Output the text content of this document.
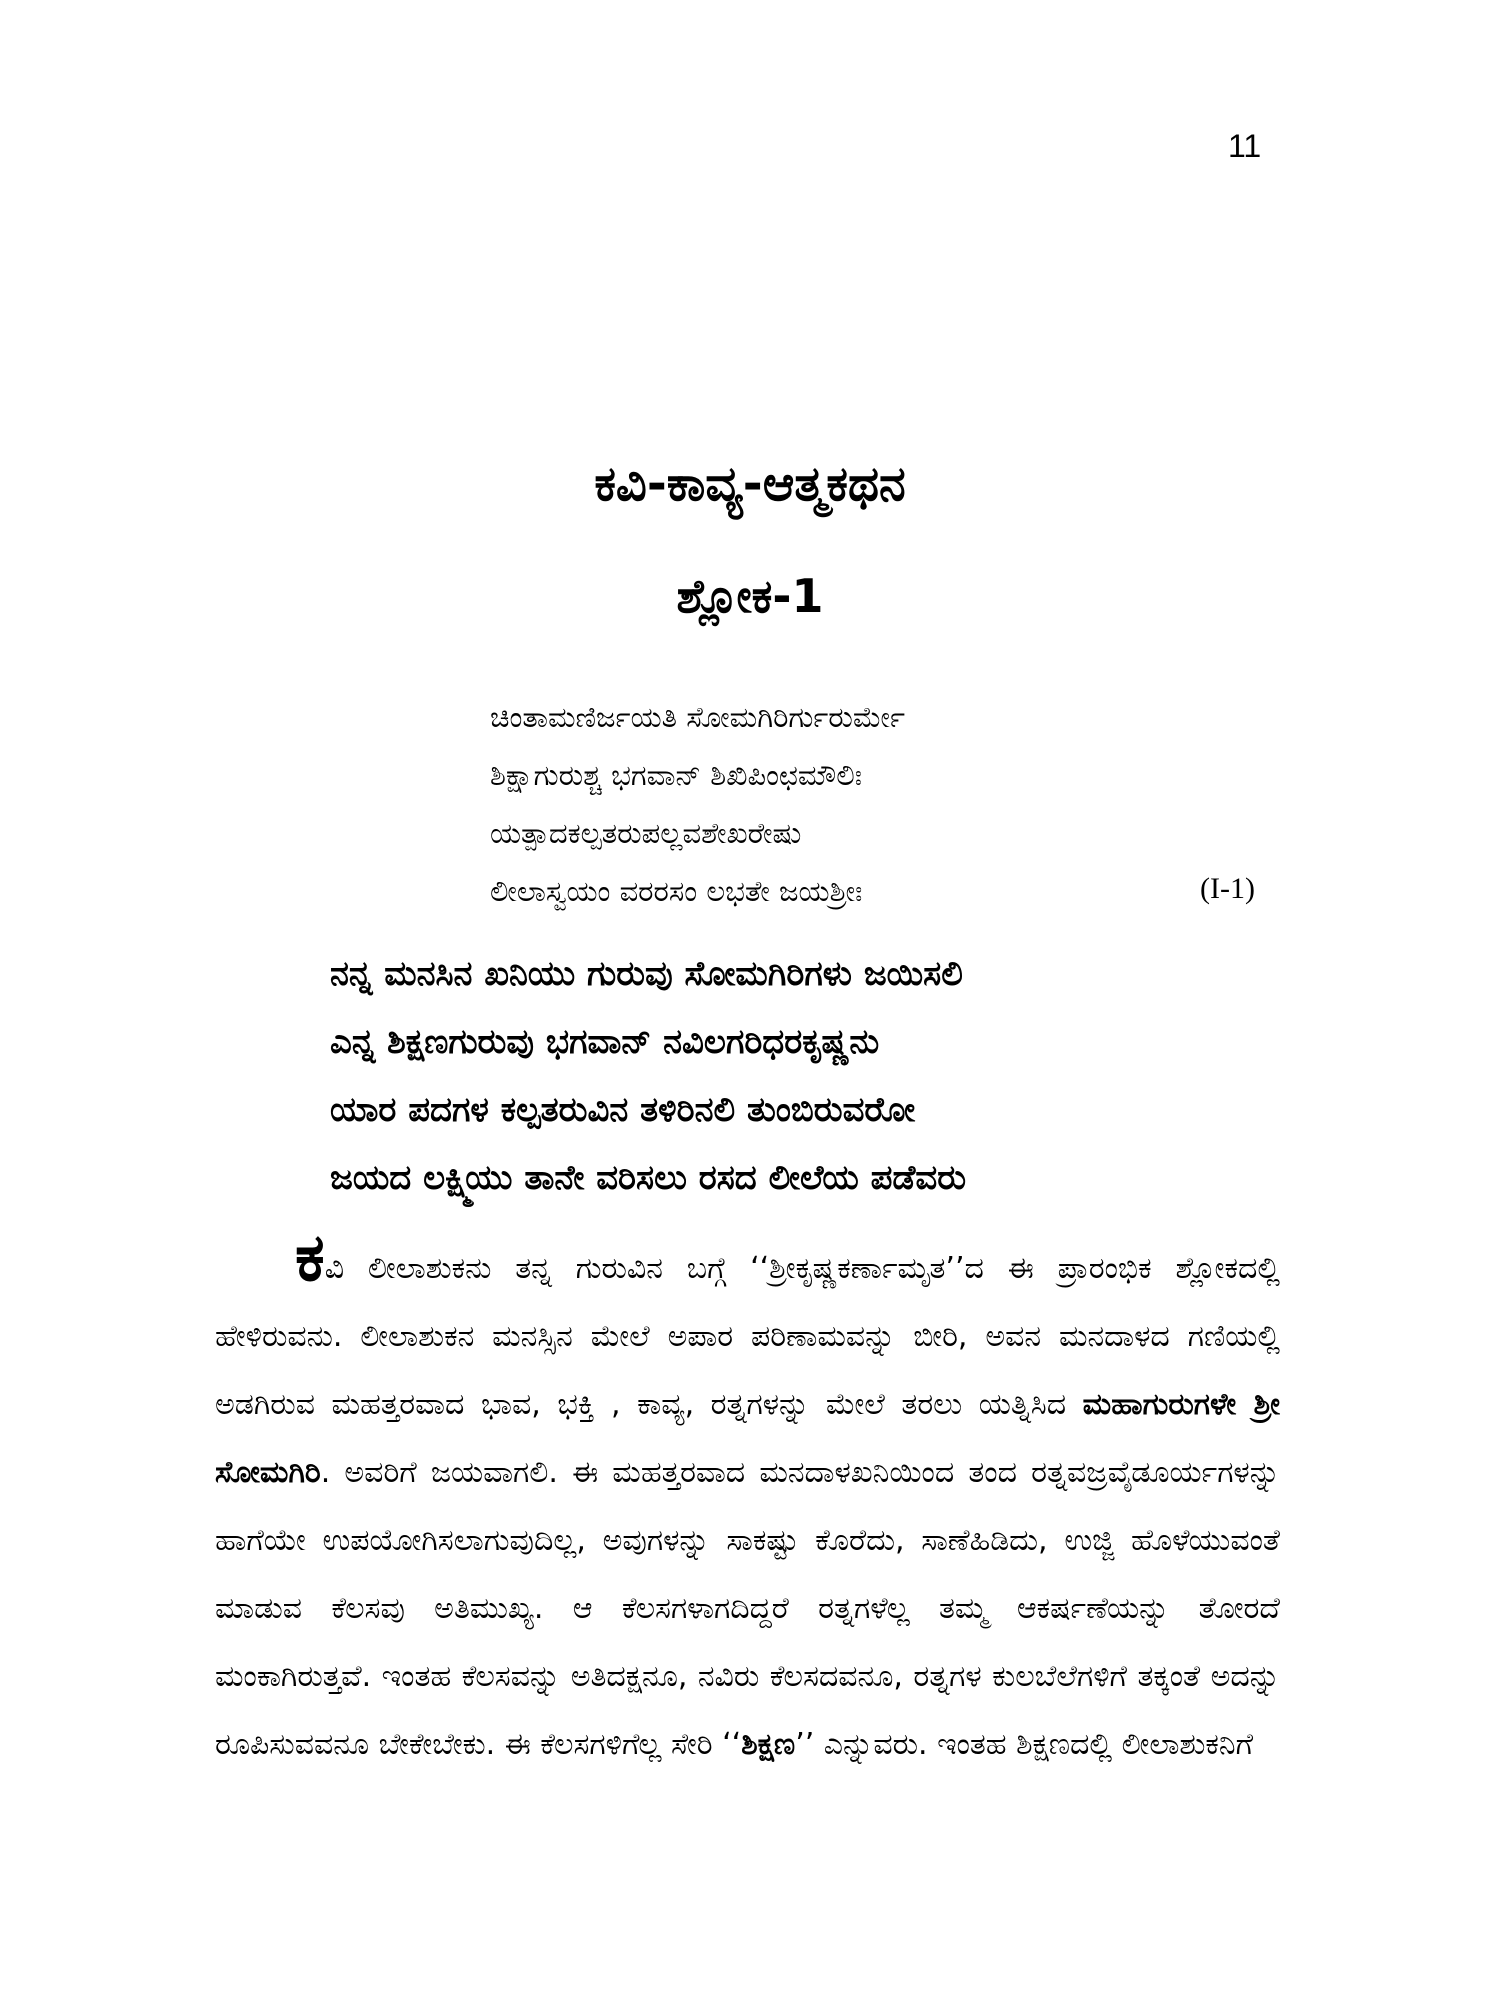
11
ಕವಿ-ಕಾವ್ಯ-ಆತ್ಮಕಥನ
ಶ್ಲೋಕ-1
ಚಿಂತಾಮಣಿರ್ಜಯತಿ ಸೋಮಗಿರಿರ್ಗುರುರ್ಮೇ
ಶಿಕ್ಷಾಗುರುಶ್ಚ ಭಗವಾನ್ ಶಿಖಿಪಿಂಛಮೌಲಿಃ
ಯತ್ಪಾದಕಲ್ಪತರುಪಲ್ಲವಶೇಖರೇಷು
ಲೀಲಾಸ್ವಯಂ ವರರಸಂ ಲಭತೇ ಜಯಶ್ರೀಃ	(I-1)
ನನ್ನ ಮನಸಿನ ಖನಿಯು ಗುರುವು ಸೋಮಗಿರಿಗಳು ಜಯಿಸಲಿ
ಎನ್ನ ಶಿಕ್ಷಣಗುರುವು ಭಗವಾನ್ ನವಿಲಗರಿಧರಕೃಷ್ಣನು
ಯಾರ ಪದಗಳ ಕಲ್ಪತರುವಿನ ತಳಿರಿನಲಿ ತುಂಬಿರುವರೋ
ಜಯದ ಲಕ್ಷ್ಮಿಯು ತಾನೇ ವರಿಸಲು ರಸದ ಲೀಲೆಯ ಪಡೆವರು

ಕವಿ ಲೀಲಾಶುಕನು ತನ್ನ ಗುರುವಿನ ಬಗ್ಗೆ ‘‘ಶ್ರೀಕೃಷ್ಣಕರ್ಣಾಮೃತ’’ದ ಈ ಪ್ರಾರಂಭಿಕ ಶ್ಲೋಕದಲ್ಲಿ ಹೇಳಿರುವನು. ಲೀಲಾಶುಕನ ಮನಸ್ಸಿನ ಮೇಲೆ ಅಪಾರ ಪರಿಣಾಮವನ್ನು ಬೀರಿ, ಅವನ ಮನದಾಳದ ಗಣಿಯಲ್ಲಿ ಅಡಗಿರುವ ಮಹತ್ತರವಾದ ಭಾವ, ಭಕ್ತಿ , ಕಾವ್ಯ, ರತ್ನಗಳನ್ನು ಮೇಲೆ ತರಲು ಯತ್ನಿಸಿದ ಮಹಾಗುರುಗಳೇ ಶ್ರೀ ಸೋಮಗಿರಿ. ಅವರಿಗೆ ಜಯವಾಗಲಿ. ಈ ಮಹತ್ತರವಾದ ಮನದಾಳಖನಿಯಿಂದ ತಂದ ರತ್ನವಜ್ರವೈಡೂರ್ಯಗಳನ್ನು ಹಾಗೆಯೇ ಉಪಯೋಗಿಸಲಾಗುವುದಿಲ್ಲ, ಅವುಗಳನ್ನು ಸಾಕಷ್ಟು ಕೊರೆದು, ಸಾಣೆಹಿಡಿದು, ಉಜ್ಜಿ ಹೊಳೆಯುವಂತೆ ಮಾಡುವ ಕೆಲಸವು ಅತಿಮುಖ್ಯ. ಆ ಕೆಲಸಗಳಾಗದಿದ್ದರೆ ರತ್ನಗಳೆಲ್ಲ ತಮ್ಮ ಆಕರ್ಷಣೆಯನ್ನು ತೋರದೆ ಮಂಕಾಗಿರುತ್ತವೆ. ಇಂತಹ ಕೆಲಸವನ್ನು ಅತಿದಕ್ಷನೂ, ನವಿರು ಕೆಲಸದವನೂ, ರತ್ನಗಳ ಕುಲಬೆಲೆಗಳಿಗೆ ತಕ್ಕಂತೆ ಅದನ್ನು ರೂಪಿಸುವವನೂ ಬೇಕೇಬೇಕು. ಈ ಕೆಲಸಗಳಿಗೆಲ್ಲ ಸೇರಿ ‘‘ಶಿಕ್ಷಣ’’ ಎನ್ನುವರು. ಇಂತಹ ಶಿಕ್ಷಣದಲ್ಲಿ ಲೀಲಾಶುಕನಿಗೆ
